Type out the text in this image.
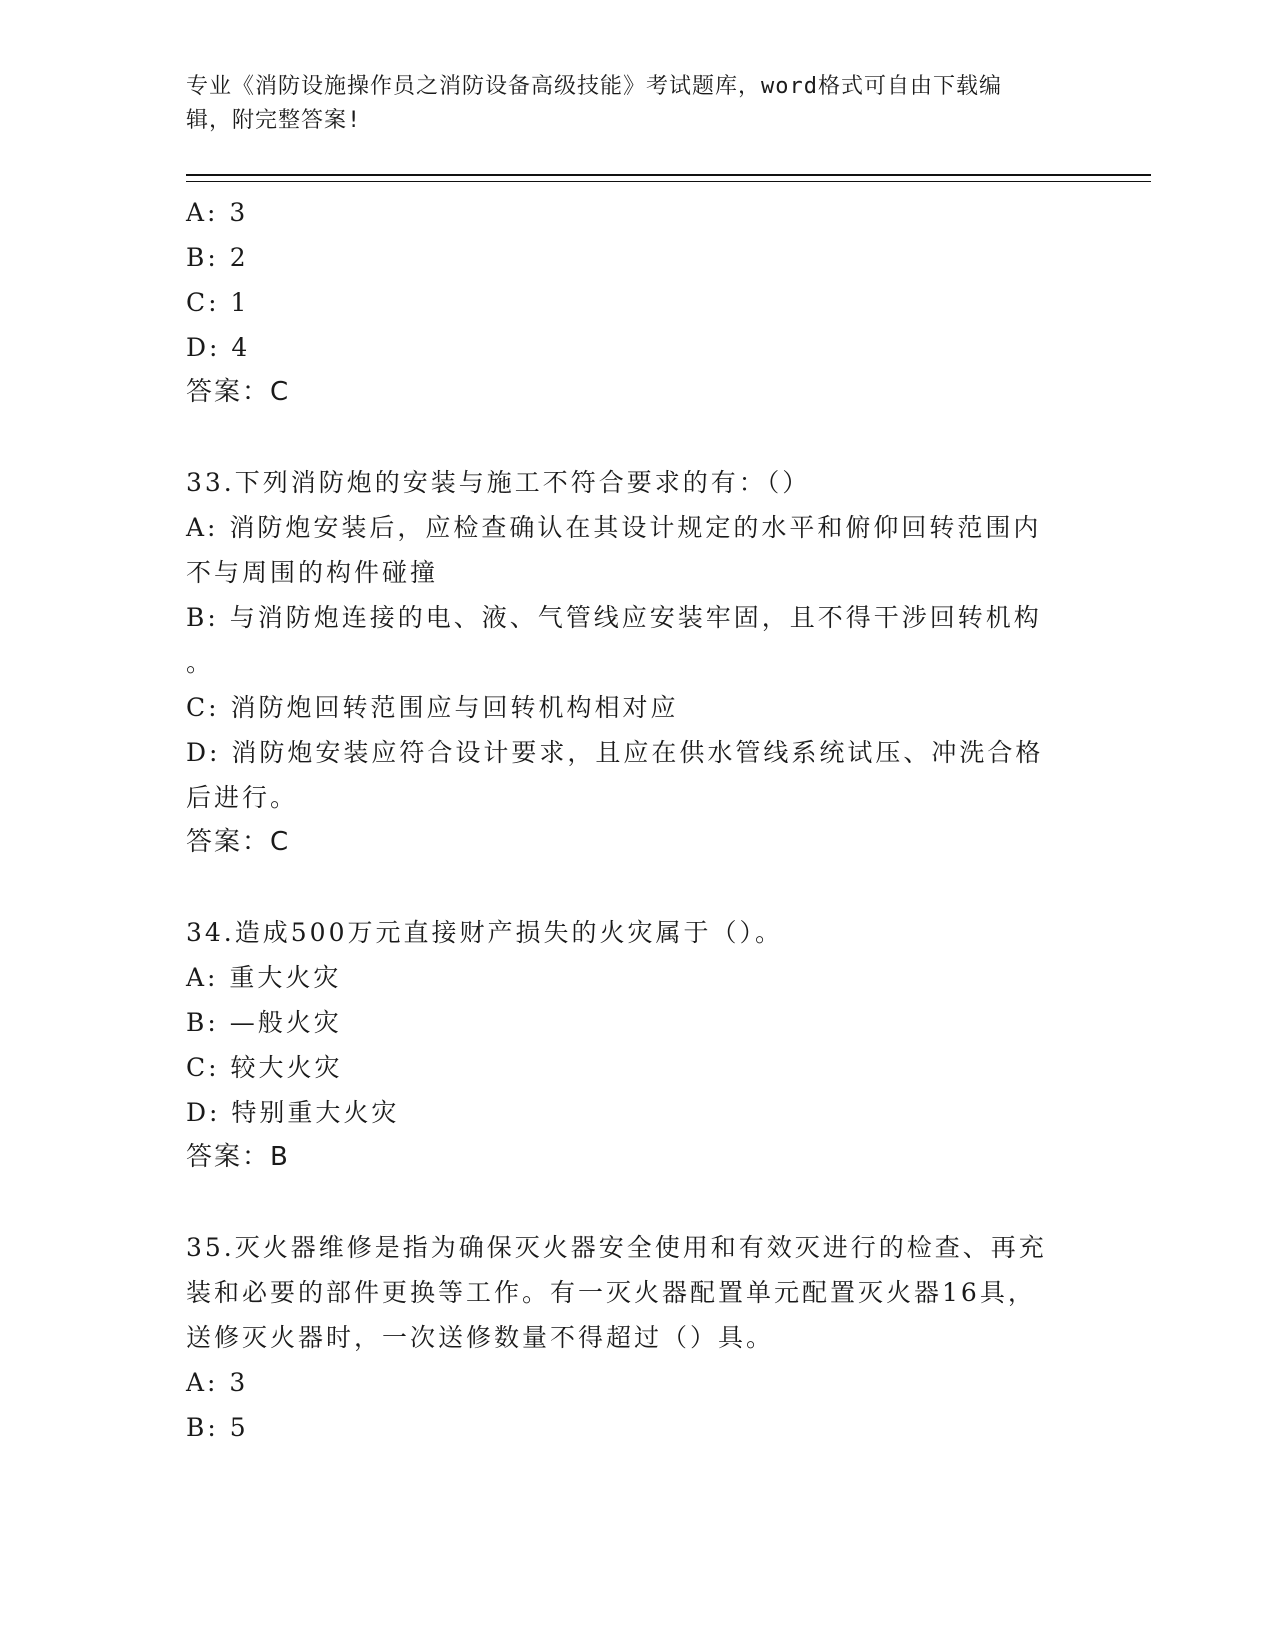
专业《消防设施操作员之消防设备高级技能》考试题库，word格式可自由下载编
辑，附完整答案!
A: 3
B: 2
C: 1
D: 4
答案：C
33.下列消防炮的安装与施工不符合要求的有：（）
A: 消防炮安装后，应检查确认在其设计规定的水平和俯仰回转范围内
不与周围的构件碰撞
B: 与消防炮连接的电、液、气管线应安装牢固，且不得干涉回转机构
。
C: 消防炮回转范围应与回转机构相对应
D: 消防炮安装应符合设计要求，且应在供水管线系统试压、冲洗合格
后进行。
答案：C
34.造成500万元直接财产损失的火灾属于（）。
A: 重大火灾
B: —般火灾
C: 较大火灾
D: 特别重大火灾
答案：B
35.灭火器维修是指为确保灭火器安全使用和有效灭进行的检查、再充
装和必要的部件更换等工作。有一灭火器配置单元配置灭火器16具，
送修灭火器时，一次送修数量不得超过（）具。
A: 3
B: 5
